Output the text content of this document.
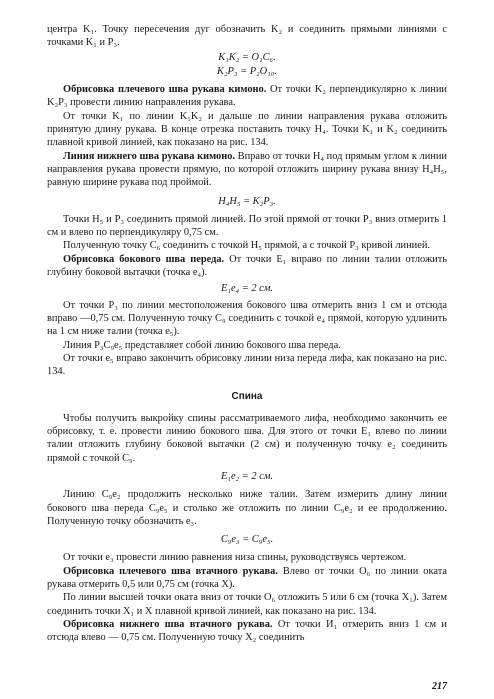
центра K₁. Точку пересечения дуг обозначить K₂ и соединить прямыми линиями с точками K₁ и P₃.

K₁K₂ = O₁C₆.

K₂P₃ = P₂O₁₀.

Обрисовка плечевого шва рукава кимоно. От точки K₂ перпендикулярно к линии K₂P₃ провести линию направления рукава.

От точки K₁ по линии K₁K₂ и дальше по линии направления рукава отложить принятую длину рукава. В конце отрезка поставить точку H₄. Точки K₁ и K₂ соединить плавной кривой линией, как показано на рис. 134.

Линия нижнего шва рукава кимоно. Вправо от точки H₄ под прямым углом к линии направления рукава провести прямую, по которой отложить ширину рукава внизу H₄H₅, равную ширине рукава под проймой.

H₄H₅ = K₂P₃.

Точки H₅ и P₃ соединить прямой линией. По этой прямой от точки P₃ вниз отмерить 1 см и влево по перпендикуляру 0,75 см.

Полученную точку C₆ соединить с точкой H₅ прямой, а с точкой P₃ кривой линией.

Обрисовка бокового шва переда. От точки E₁ вправо по линии талии отложить глубину боковой вытачки (точка e₄).

E₁e₄ = 2 см.

От точки P₃ по линии местоположения бокового шва отмерить вниз 1 см и отсюда вправо —0,75 см. Полученную точку C₉ соединить с точкой e₄ прямой, которую удлинить на 1 см ниже талии (точка e₅).

Линия P₃C₉e₅ представляет собой линию бокового шва переда.

От точки e₅ вправо закончить обрисовку линии низа переда лифа, как показано на рис. 134.

Спина

Чтобы получить выкройку спины рассматриваемого лифа, необходимо закончить ее обрисовку, т. е. провести линию бокового шва. Для этого от точки E₁ влево по линии талии отложить глубину боковой вытачки (2 см) и полученную точку e₂ соединить прямой с точкой C₉.

E₁e₂ = 2 см.

Линию C₉e₂ продолжить несколько ниже талии. Затем измерить длину линии бокового шва переда C₉e₅ и столько же отложить по линии C₉e₂ и ее продолжению. Полученную точку обозначить e₃.

C₉e₃ = C₉e₅.

От точки e₃ провести линию равнения низа спины, руководствуясь чертежом.

Обрисовка плечевого шва втачного рукава. Влево от точки O₆ по линии оката рукава отмерить 0,5 или 0,75 см (точка X).

По линии высшей точки оката вниз от точки O₆ отложить 5 или 6 см (точка X₁). Затем соединить точки X₁ и X плавной кривой линией, как показано на рис. 134.

Обрисовка нижнего шва втачного рукава. От точки И₁ отмерить вниз 1 см и отсюда влево — 0,75 см. Полученную точку X₂ соединить

217
